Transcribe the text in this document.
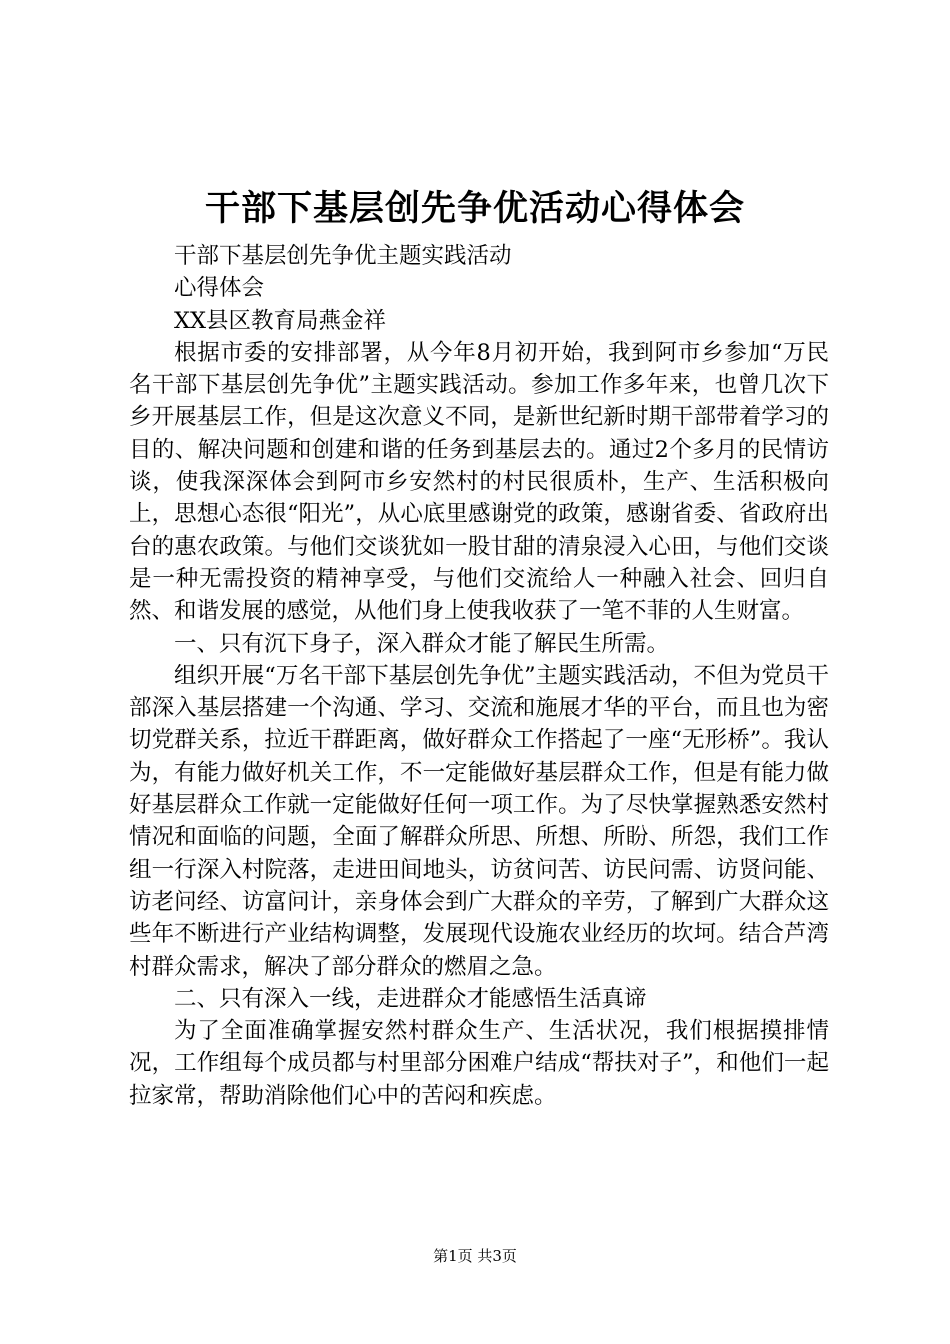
干部下基层创先争优活动心得体会

干部下基层创先争优主题实践活动

心得体会

XX县区教育局燕金祥

根据市委的安排部署，从今年8月初开始，我到阿市乡参加“万民名干部下基层创先争优”主题实践活动。参加工作多年来，也曾几次下乡开展基层工作，但是这次意义不同，是新世纪新时期干部带着学习的目的、解决问题和创建和谐的任务到基层去的。通过2个多月的民情访谈，使我深深体会到阿市乡安然村的村民很质朴，生产、生活积极向上，思想心态很“阳光”，从心底里感谢党的政策，感谢省委、省政府出台的惠农政策。与他们交谈犹如一股甘甜的清泉浸入心田，与他们交谈是一种无需投资的精神享受，与他们交流给人一种融入社会、回归自然、和谐发展的感觉，从他们身上使我收获了一笔不菲的人生财富。

一、只有沉下身子，深入群众才能了解民生所需。

组织开展“万名干部下基层创先争优”主题实践活动，不但为党员干部深入基层搭建一个沟通、学习、交流和施展才华的平台，而且也为密切党群关系，拉近干群距离，做好群众工作搭起了一座“无形桥”。我认为，有能力做好机关工作，不一定能做好基层群众工作，但是有能力做好基层群众工作就一定能做好任何一项工作。为了尽快掌握熟悉安然村情况和面临的问题，全面了解群众所思、所想、所盼、所怨，我们工作组一行深入村院落，走进田间地头，访贫问苦、访民问需、访贤问能、访老问经、访富问计，亲身体会到广大群众的辛劳，了解到广大群众这些年不断进行产业结构调整，发展现代设施农业经历的坎坷。结合芦湾村群众需求，解决了部分群众的燃眉之急。

二、只有深入一线，走进群众才能感悟生活真谛

为了全面准确掌握安然村群众生产、生活状况，我们根据摸排情况，工作组每个成员都与村里部分困难户结成“帮扶对子”，和他们一起拉家常，帮助消除他们心中的苦闷和疾虑。

第1页 共3页
